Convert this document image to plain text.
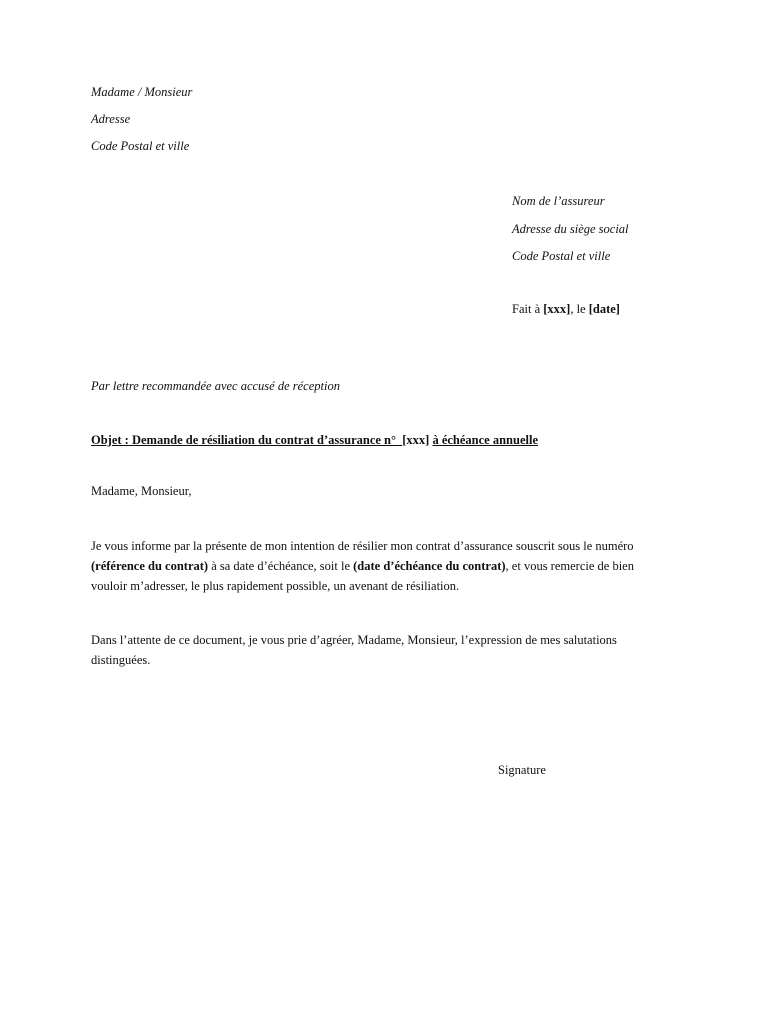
Madame / Monsieur
Adresse
Code Postal et ville
Nom de l’assureur
Adresse du siège social
Code Postal et ville
Fait à [xxx], le [date]
Par lettre recommandée avec accusé de réception
Objet : Demande de résiliation du contrat d’assurance n° [xxx] à échéance annuelle
Madame, Monsieur,
Je vous informe par la présente de mon intention de résilier mon contrat d’assurance souscrit sous le numéro
(référence du contrat) à sa date d’échéance, soit le (date d’échéance du contrat), et vous remercie de bien
vouloir m’adresser, le plus rapidement possible, un avenant de résiliation.
Dans l’attente de ce document, je vous prie d’agréer, Madame, Monsieur, l’expression de mes salutations
distinguées.
Signature
